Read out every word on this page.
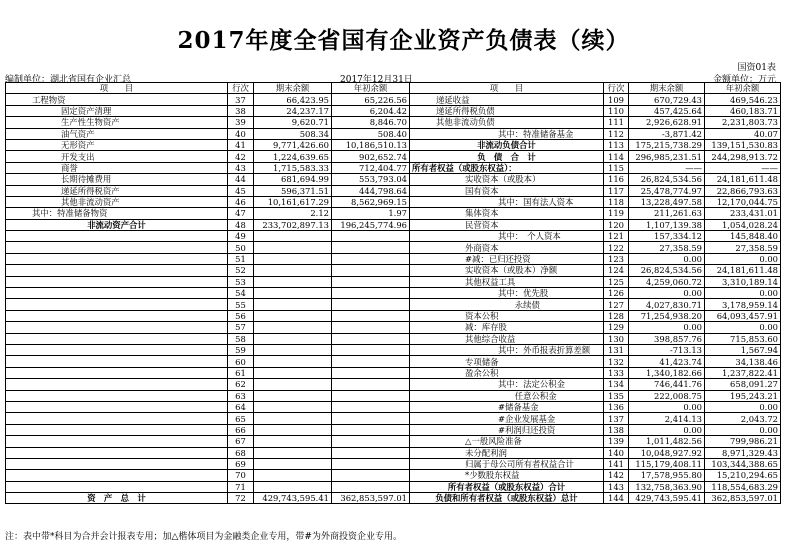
2017年度全省国有企业资产负债表（续）
国资01表
编制单位：湖北省国有企业汇总	2017年12月31日	金额单位：万元
项　　目	行次	期末余额	年初余额	项　　目	行次	期末余额	年初余额
工程物资	37	66,423.95	65,226.56	递延收益	109	670,729.43	469,546.23
固定资产清理	38	24,237.17	6,204.42	递延所得税负债	110	457,425.64	460,183.71
生产性生物资产	39	9,620.71	8,846.70	其他非流动负债	111	2,926,628.91	2,231,803.73
油气资产	40	508.34	508.40	其中：特准储备基金	112	-3,871.42	40.07
无形资产	41	9,771,426.60	10,186,510.13	非流动负债合计	113	175,215,738.29	139,151,530.83
开发支出	42	1,224,639.65	902,652.74	负　债　合　计	114	296,985,231.51	244,298,913.72
商誉	43	1,715,583.33	712,404.77	所有者权益（或股东权益）：	115	——	——
长期待摊费用	44	681,694.99	553,793.04	实收资本（或股本）	116	26,824,534.56	24,181,611.48
递延所得税资产	45	596,371.51	444,798.64	国有资本	117	25,478,774.97	22,866,793.63
其他非流动资产	46	10,161,617.29	8,562,969.15	其中：国有法人资本	118	13,228,497.58	12,170,044.75
其中：特准储备物资	47	2.12	1.97	集体资本	119	211,261.63	233,431.01
非流动资产合计	48	233,702,897.13	196,245,774.96	民营资本	120	1,107,139.38	1,054,028.24
	49			其中：　个人资本	121	157,334.12	145,848.40
	50			外商资本	122	27,358.59	27,358.59
	51			#减：已归还投资	123	0.00	0.00
	52			实收资本（或股本）净额	124	26,824,534.56	24,181,611.48
	53			其他权益工具	125	4,259,060.72	3,310,189.14
	54			其中：优先股	126	0.00	0.00
	55			　　永续债	127	4,027,830.71	3,178,959.14
	56			资本公积	128	71,254,938.20	64,093,457.91
	57			减：库存股	129	0.00	0.00
	58			其他综合收益	130	398,857.76	715,853.60
	59			其中：外币报表折算差额	131	-713.13	1,567.94
	60			专项储备	132	41,423.74	34,138.46
	61			盈余公积	133	1,340,182.66	1,237,822.41
	62			其中：法定公积金	134	746,441.76	658,091.27
	63			　　任意公积金	135	222,008.75	195,243.21
	64			#储备基金	136	0.00	0.00
	65			#企业发展基金	137	2,414.13	2,043.72
	66			#利润归还投资	138	0.00	0.00
	67			△一般风险准备	139	1,011,482.56	799,986.21
	68			未分配利润	140	10,048,927.92	8,971,329.43
	69			归属于母公司所有者权益合计	141	115,179,408.11	103,344,388.65
	70			*少数股东权益	142	17,578,955.80	15,210,294.65
	71			所有者权益（或股东权益）合计	143	132,758,363.90	118,554,683.29
资　产　总　计	72	429,743,595.41	362,853,597.01	负债和所有者权益（或股东权益）总计	144	429,743,595.41	362,853,597.01
注：表中带*科目为合并会计报表专用；加△楷体项目为金融类企业专用，带#为外商投资企业专用。
